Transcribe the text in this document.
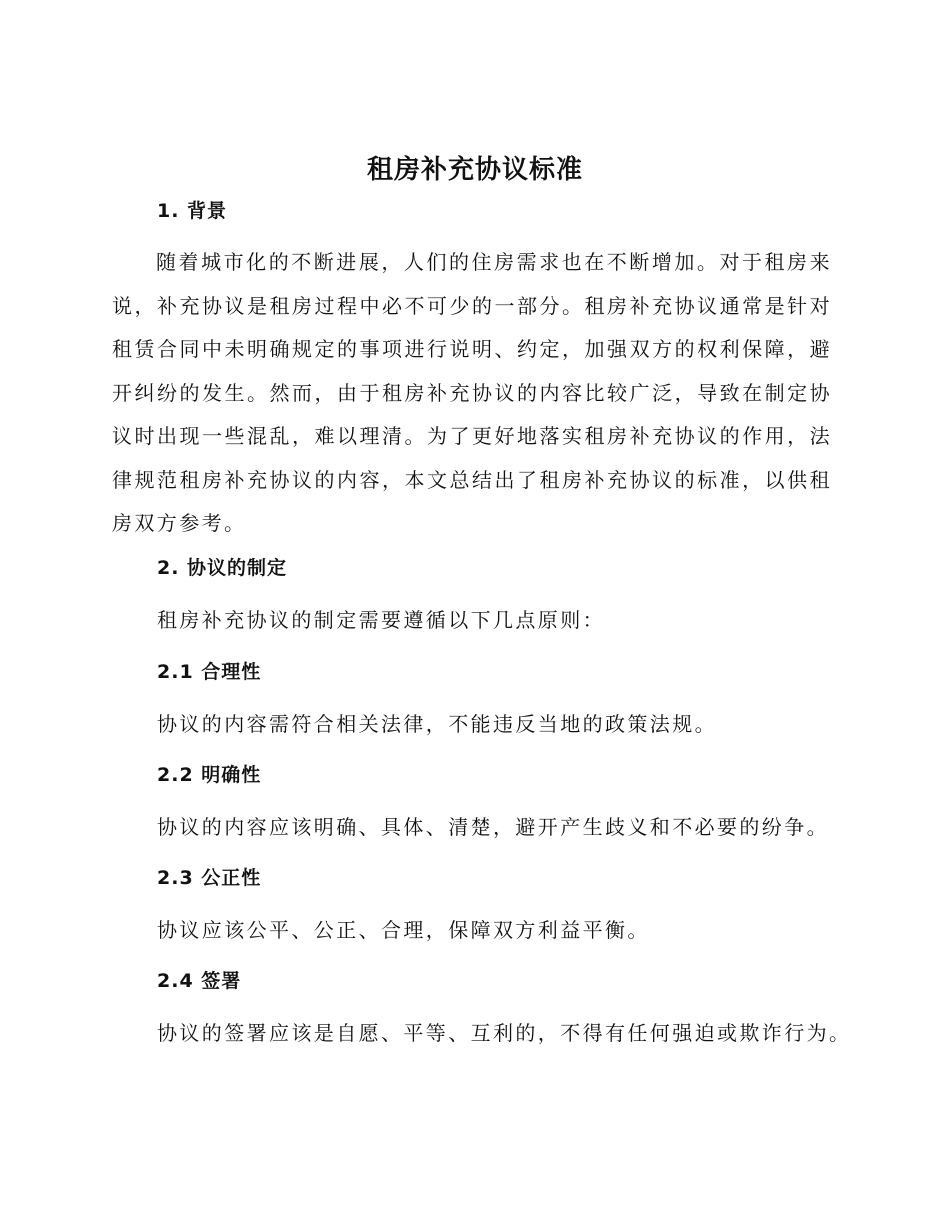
租房补充协议标准
1. 背景

随着城市化的不断进展，人们的住房需求也在不断增加。对于租房来说，补充协议是租房过程中必不可少的一部分。租房补充协议通常是针对租赁合同中未明确规定的事项进行说明、约定，加强双方的权利保障，避开纠纷的发生。然而，由于租房补充协议的内容比较广泛，导致在制定协议时出现一些混乱，难以理清。为了更好地落实租房补充协议的作用，法律规范租房补充协议的内容，本文总结出了租房补充协议的标准，以供租房双方参考。

2. 协议的制定

租房补充协议的制定需要遵循以下几点原则：

2.1 合理性

协议的内容需符合相关法律，不能违反当地的政策法规。

2.2 明确性

协议的内容应该明确、具体、清楚，避开产生歧义和不必要的纷争。

2.3 公正性

协议应该公平、公正、合理，保障双方利益平衡。

2.4 签署

协议的签署应该是自愿、平等、互利的，不得有任何强迫或欺诈行为。
